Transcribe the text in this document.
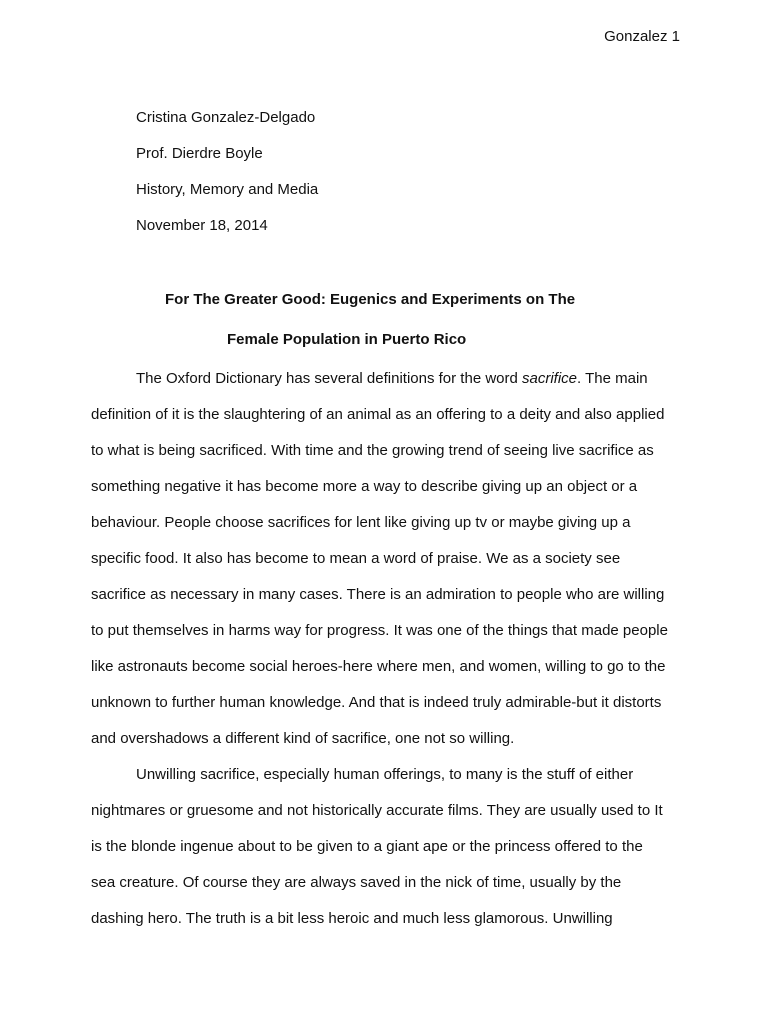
Gonzalez 1
Cristina Gonzalez-Delgado
Prof. Dierdre Boyle
History, Memory and Media
November 18, 2014
For The Greater Good: Eugenics and Experiments on The
Female Population in Puerto Rico
The Oxford Dictionary has several definitions for the word sacrifice. The main
definition of it is the slaughtering of an animal as an offering to a deity and also applied
to what is being sacrificed. With time and the growing trend of seeing live sacrifice as
something negative it has become more a way to describe giving up an object or a
behaviour. People choose sacrifices for lent like giving up tv or maybe giving up a
specific food. It also has become to mean a word of praise. We as a society see
sacrifice as necessary in many cases. There is an admiration to people who are willing
to put themselves in harms way for progress. It was one of the things that made people
like astronauts become social heroes-here where men, and women, willing to go to the
unknown to further human knowledge. And that is indeed truly admirable-but it distorts
and overshadows a different kind of sacrifice, one not so willing.
Unwilling sacrifice, especially human offerings, to many is the stuff of either
nightmares or gruesome and not historically accurate films. They are usually used to It
is the blonde ingenue about to be given to a giant ape or the princess offered to the
sea creature. Of course they are always saved in the nick of time, usually by the
dashing hero. The truth is a bit less heroic and much less glamorous. Unwilling
